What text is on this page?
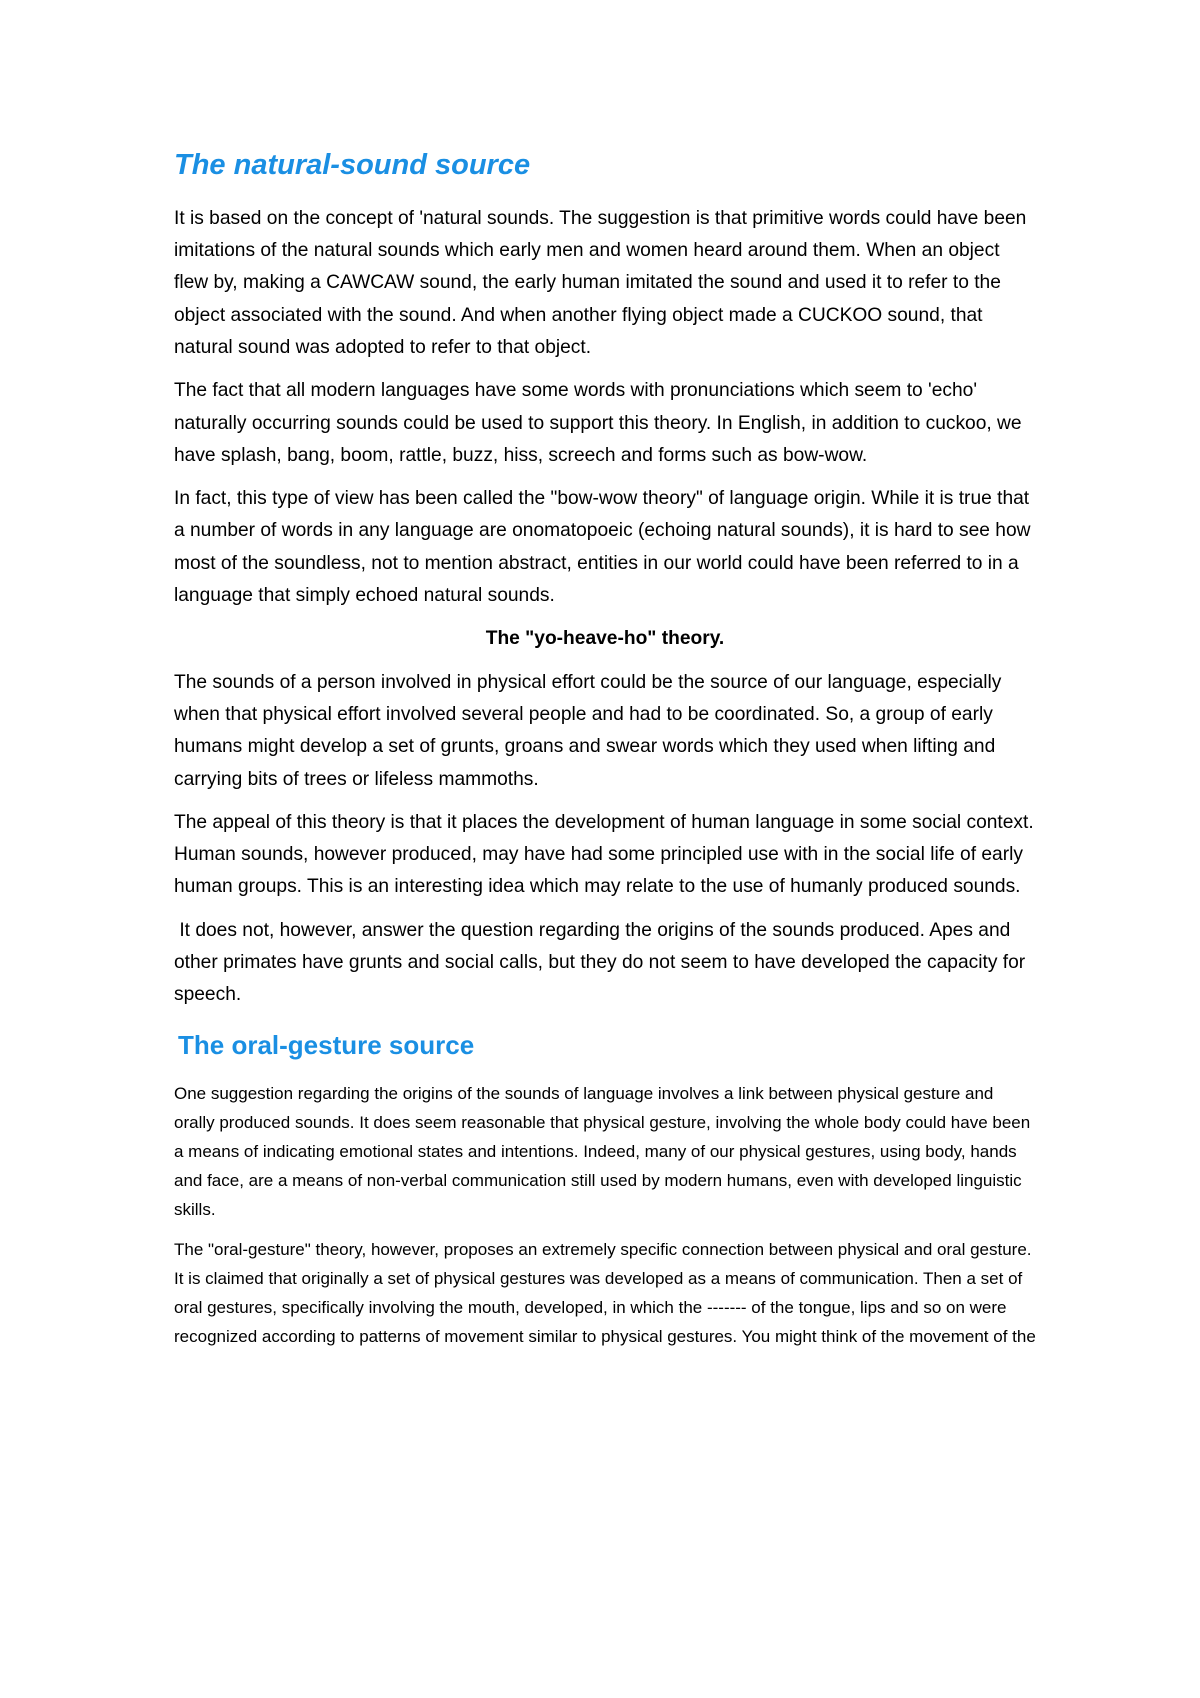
The natural-sound source

It is based on the concept of 'natural sounds. The suggestion is that primitive words could have been imitations of the natural sounds which early men and women heard around them. When an object flew by, making a CAWCAW sound, the early human imitated the sound and used it to refer to the object associated with the sound. And when another flying object made a CUCKOO sound, that natural sound was adopted to refer to that object.

The fact that all modern languages have some words with pronunciations which seem to 'echo' naturally occurring sounds could be used to support this theory. In English, in addition to cuckoo, we have splash, bang, boom, rattle, buzz, hiss, screech and forms such as bow-wow.

In fact, this type of view has been called the "bow-wow theory" of language origin. While it is true that a number of words in any language are onomatopoeic (echoing natural sounds), it is hard to see how most of the soundless, not to mention abstract, entities in our world could have been referred to in a language that simply echoed natural sounds.

The "yo-heave-ho" theory.

The sounds of a person involved in physical effort could be the source of our language, especially when that physical effort involved several people and had to be coordinated. So, a group of early humans might develop a set of grunts, groans and swear words which they used when lifting and carrying bits of trees or lifeless mammoths.

The appeal of this theory is that it places the development of human language in some social context. Human sounds, however produced, may have had some principled use with in the social life of early human groups. This is an interesting idea which may relate to the use of humanly produced sounds.

It does not, however, answer the question regarding the origins of the sounds produced. Apes and other primates have grunts and social calls, but they do not seem to have developed the capacity for speech.

The oral-gesture source

One suggestion regarding the origins of the sounds of language involves a link between physical gesture and orally produced sounds. It does seem reasonable that physical gesture, involving the whole body could have been a means of indicating emotional states and intentions. Indeed, many of our physical gestures, using body, hands and face, are a means of non-verbal communication still used by modern humans, even with developed linguistic skills.

The "oral-gesture" theory, however, proposes an extremely specific connection between physical and oral gesture. It is claimed that originally a set of physical gestures was developed as a means of communication. Then a set of oral gestures, specifically involving the mouth, developed, in which the ------- of the tongue, lips and so on were recognized according to patterns of movement similar to physical gestures. You might think of the movement of the
